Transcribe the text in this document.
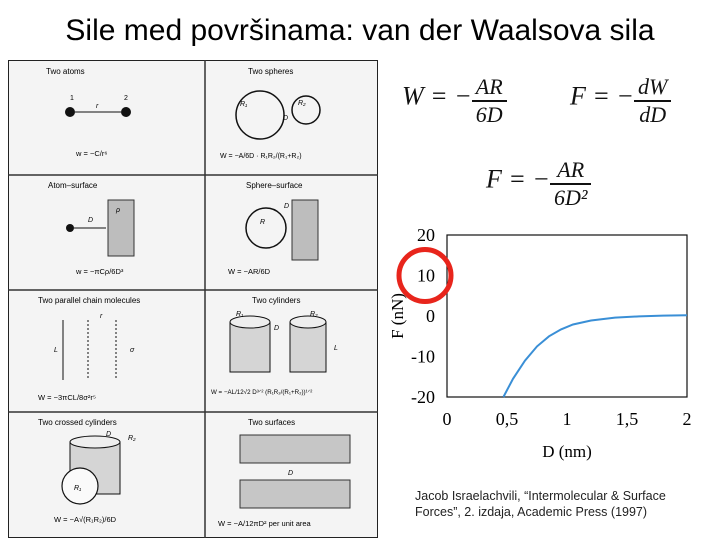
Sile med površinama: van der Waalsova sila
Two atoms
1	2
r
w = −C/r⁶
Two spheres
R₁	R₂
D
W = −A/6D · R₁R₂/(R₁+R₂)
Atom–surface
D
ρ
w = −πCρ/6D³
Sphere–surface
R
D
W = −AR/6D
Two parallel chain molecules
r
σ
L
W = −3πCL/8σ²r⁵
Two cylinders
R₁
D
R₂
L
W = −AL/12√2 D³ᐟ² (R₁R₂/(R₁+R₂))¹ᐟ²
Two crossed cylinders
D
R₂
R₁
W = −A√(R₁R₂)/6D
Two surfaces
D
W = −A/12πD² per unit area
W = − $\frac{AR}{6D}$ F = − $\frac{dW}{dD}$
F = − $\frac{AR}{\text{6D²}}$
20
10
0
-10
-20
0 0,5 1 1,5 2
F (nN)
D (nm)
Jacob Israelachvili, “Intermolecular & Surface Forces”, 2. izdaja, Academic Press (1997)
